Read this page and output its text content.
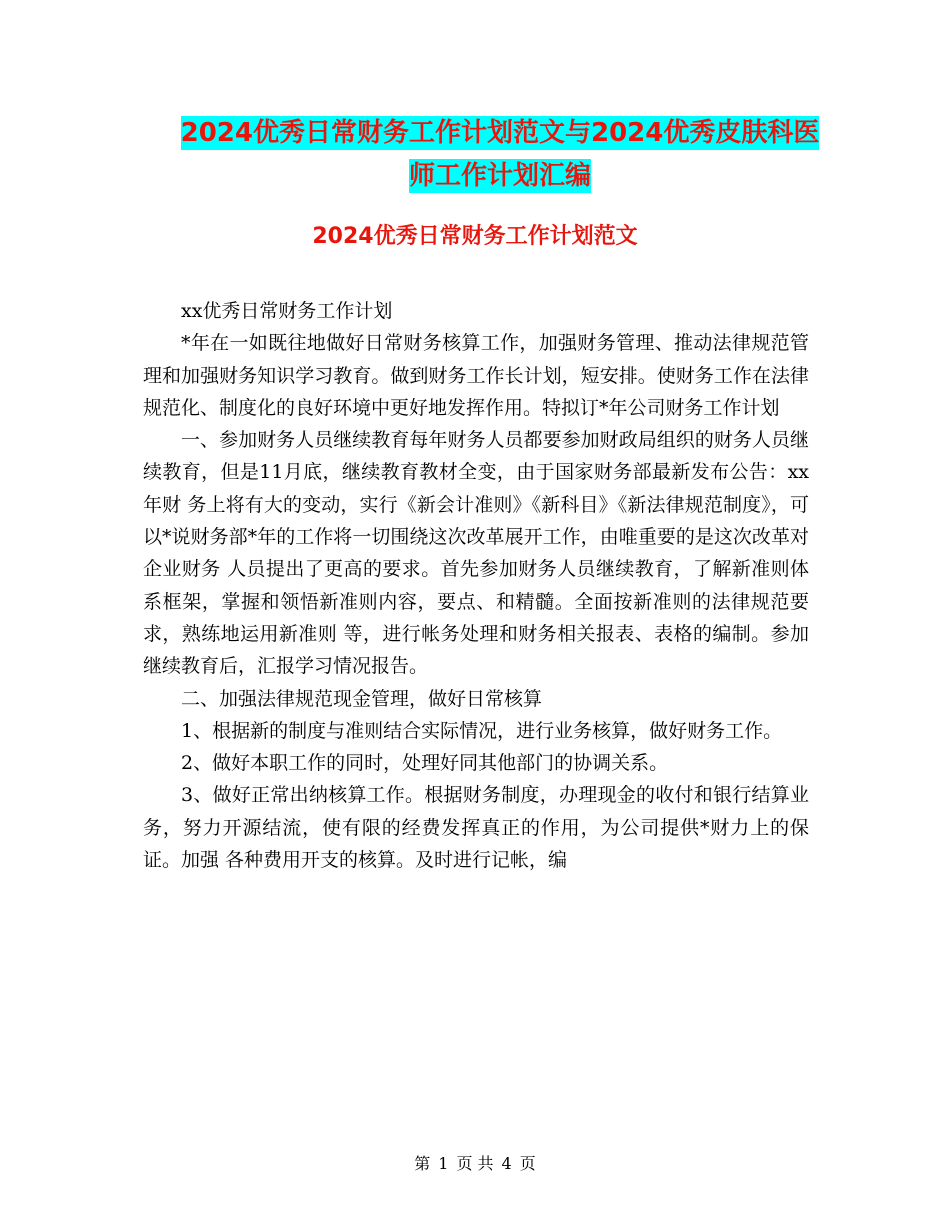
2024优秀日常财务工作计划范文与2024优秀皮肤科医
师工作计划汇编
2024优秀日常财务工作计划范文

xx优秀日常财务工作计划

*年在一如既往地做好日常财务核算工作，加强财务管理、推动法律规范管理和加强财务知识学习教育。做到财务工作长计划，短安排。使财务工作在法律规范化、制度化的良好环境中更好地发挥作用。特拟订*年公司财务工作计划

一、参加财务人员继续教育每年财务人员都要参加财政局组织的财务人员继续教育，但是11月底，继续教育教材全变，由于国家财务部最新发布公告：xx年财 务上将有大的变动，实行《新会计准则》《新科目》《新法律规范制度》，可以*说财务部*年的工作将一切围绕这次改革展开工作，由唯重要的是这次改革对企业财务 人员提出了更高的要求。首先参加财务人员继续教育，了解新准则体系框架，掌握和领悟新准则内容，要点、和精髓。全面按新准则的法律规范要求，熟练地运用新准则 等，进行帐务处理和财务相关报表、表格的编制。参加继续教育后，汇报学习情况报告。

二、加强法律规范现金管理，做好日常核算

1、根据新的制度与准则结合实际情况，进行业务核算，做好财务工作。

2、做好本职工作的同时，处理好同其他部门的协调关系。

3、做好正常出纳核算工作。根据财务制度，办理现金的收付和银行结算业务，努力开源结流，使有限的经费发挥真正的作用，为公司提供*财力上的保证。加强 各种费用开支的核算。及时进行记帐，编

第 1 页 共 4 页
